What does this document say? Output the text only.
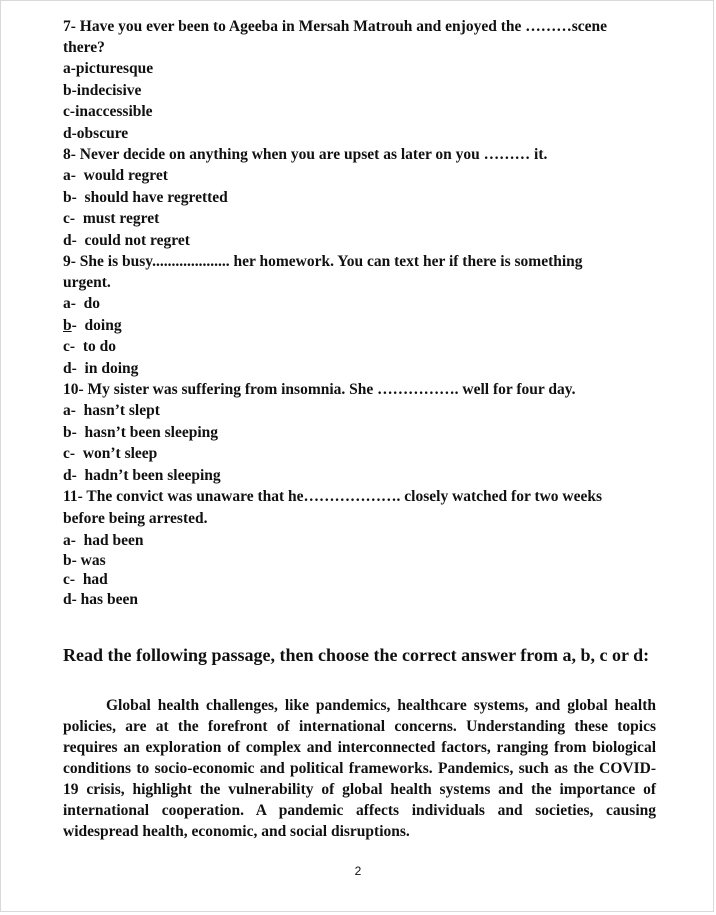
7- Have you ever been to Ageeba in Mersah Matrouh and enjoyed the ………scene

there?

a-picturesque

b-indecisive

c-inaccessible

d-obscure

8- Never decide on anything when you are upset as later on you ……… it.

a- would regret

b- should have regretted

c-  must regret

d- could not regret

9- She is busy.................... her homework. You can text her if there is something

urgent.

a- do

b- doing

c- to do

d- in doing

10- My sister was suffering from insomnia. She ……………. well for four day.

a- hasn’t slept

b- hasn’t been sleeping

c- won’t sleep

d- hadn’t been sleeping

11- The convict was unaware that he………………. closely watched for two weeks

before being arrested.

a- had been

b- was

c- had

d- has been

Read the following passage, then choose the correct answer from a, b, c or d:

Global health challenges, like pandemics, healthcare systems, and global health policies, are at the forefront of international concerns. Understanding these topics requires an exploration of complex and interconnected factors, ranging from biological conditions to socio-economic and political frameworks. Pandemics, such as the COVID-19 crisis, highlight the vulnerability of global health systems and the importance of international cooperation. A pandemic affects individuals and societies, causing widespread health, economic, and social disruptions.

2
